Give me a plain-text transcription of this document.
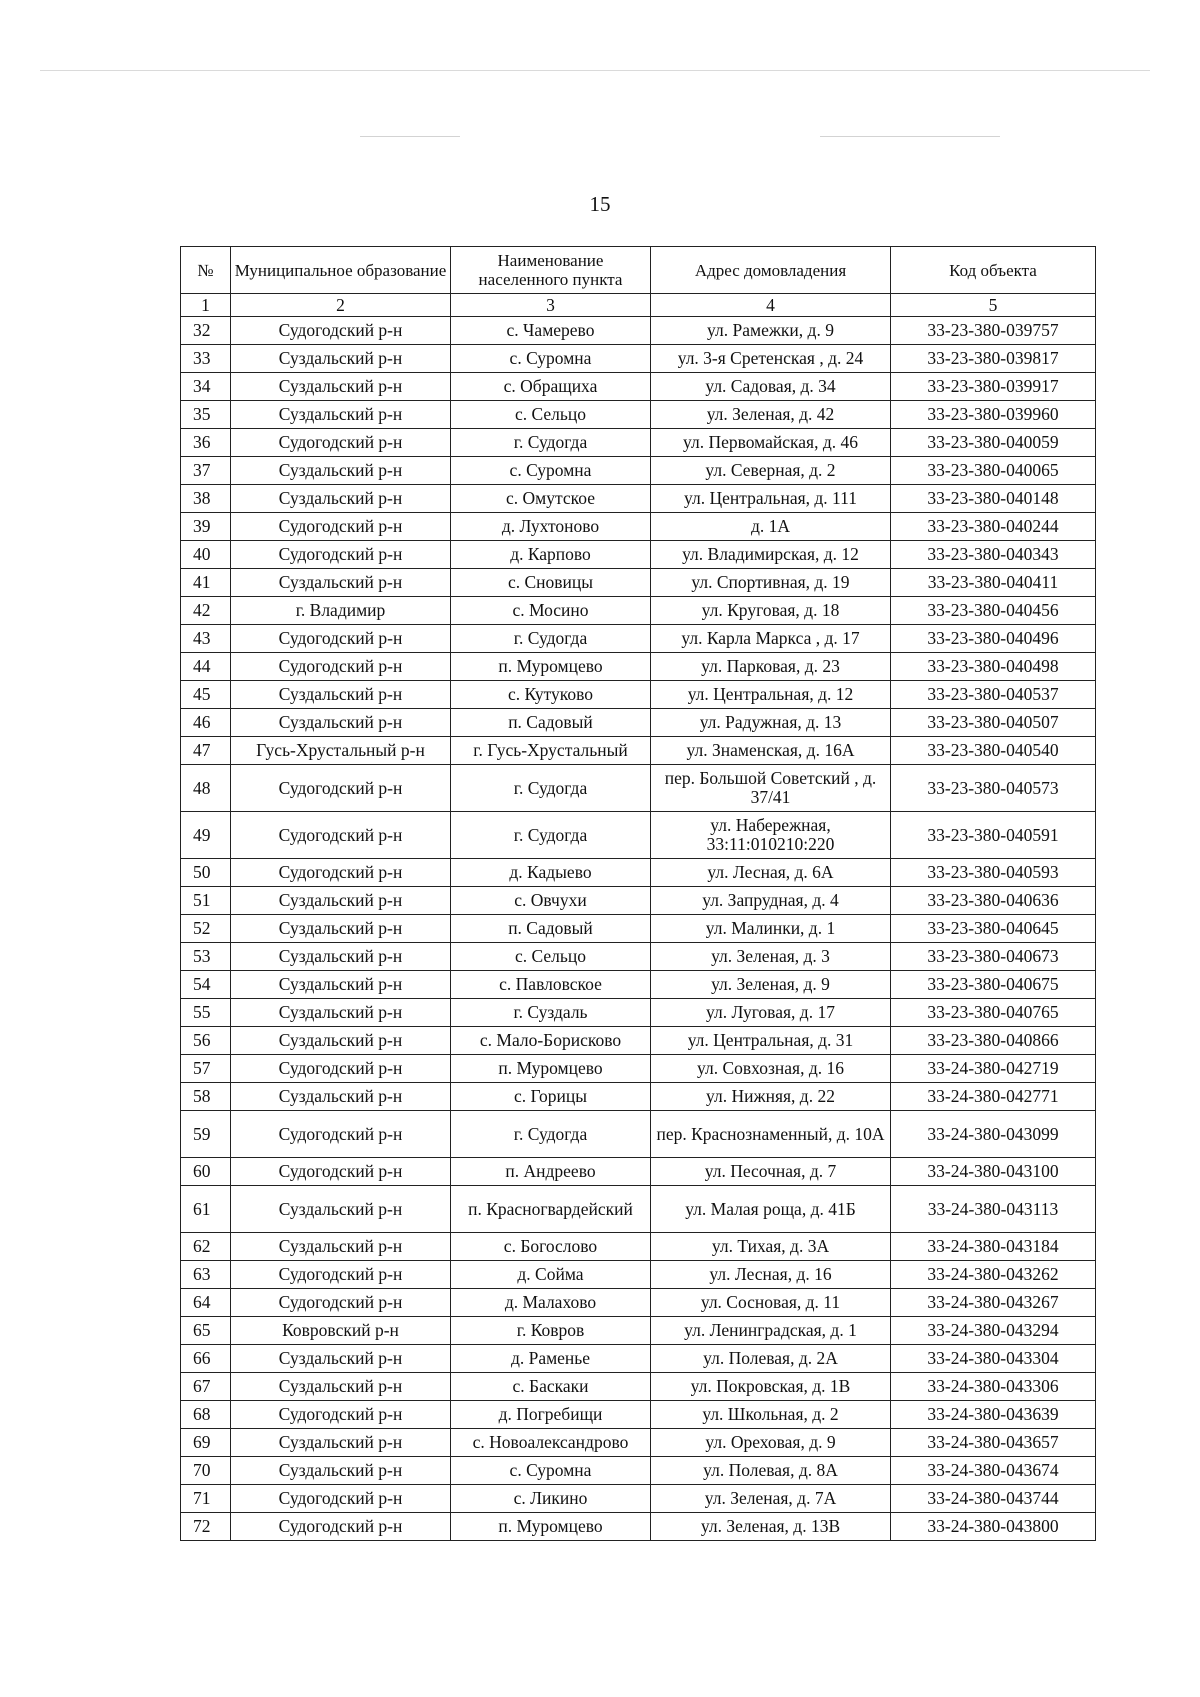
15
№	Муниципальное образование	Наименование населенного пункта	Адрес домовладения	Код объекта
1	2	3	4	5
32	Судогодский р-н	с. Чамерево	ул. Рамежки, д. 9	33-23-380-039757
33	Суздальский р-н	с. Суромна	ул. 3-я Сретенская , д. 24	33-23-380-039817
34	Суздальский р-н	с. Обращиха	ул. Садовая, д. 34	33-23-380-039917
35	Суздальский р-н	с. Сельцо	ул. Зеленая, д. 42	33-23-380-039960
36	Судогодский р-н	г. Судогда	ул. Первомайская, д. 46	33-23-380-040059
37	Суздальский р-н	с. Суромна	ул. Северная, д. 2	33-23-380-040065
38	Суздальский р-н	с. Омутское	ул. Центральная, д. 111	33-23-380-040148
39	Судогодский р-н	д. Лухтоново	д. 1А	33-23-380-040244
40	Судогодский р-н	д. Карпово	ул. Владимирская, д. 12	33-23-380-040343
41	Суздальский р-н	с. Сновицы	ул. Спортивная, д. 19	33-23-380-040411
42	г. Владимир	с. Мосино	ул. Круговая, д. 18	33-23-380-040456
43	Судогодский р-н	г. Судогда	ул. Карла Маркса , д. 17	33-23-380-040496
44	Судогодский р-н	п. Муромцево	ул. Парковая, д. 23	33-23-380-040498
45	Суздальский р-н	с. Кутуково	ул. Центральная, д. 12	33-23-380-040537
46	Суздальский р-н	п. Садовый	ул. Радужная, д. 13	33-23-380-040507
47	Гусь-Хрустальный р-н	г. Гусь-Хрустальный	ул. Знаменская, д. 16А	33-23-380-040540
48	Судогодский р-н	г. Судогда	пер. Большой Советский , д. 37/41	33-23-380-040573
49	Судогодский р-н	г. Судогда	ул. Набережная, 33:11:010210:220	33-23-380-040591
50	Судогодский р-н	д. Кадыево	ул. Лесная, д. 6А	33-23-380-040593
51	Суздальский р-н	с. Овчухи	ул. Запрудная, д. 4	33-23-380-040636
52	Суздальский р-н	п. Садовый	ул. Малинки, д. 1	33-23-380-040645
53	Суздальский р-н	с. Сельцо	ул. Зеленая, д. 3	33-23-380-040673
54	Суздальский р-н	с. Павловское	ул. Зеленая, д. 9	33-23-380-040675
55	Суздальский р-н	г. Суздаль	ул. Луговая, д. 17	33-23-380-040765
56	Суздальский р-н	с. Мало-Борисково	ул. Центральная, д. 31	33-23-380-040866
57	Судогодский р-н	п. Муромцево	ул. Совхозная, д. 16	33-24-380-042719
58	Суздальский р-н	с. Горицы	ул. Нижняя, д. 22	33-24-380-042771
59	Судогодский р-н	г. Судогда	пер. Краснознаменный, д. 10А	33-24-380-043099
60	Судогодский р-н	п. Андреево	ул. Песочная, д. 7	33-24-380-043100
61	Суздальский р-н	п. Красногвардейский	ул. Малая роща, д. 41Б	33-24-380-043113
62	Суздальский р-н	с. Богослово	ул. Тихая, д. 3А	33-24-380-043184
63	Судогодский р-н	д. Сойма	ул. Лесная, д. 16	33-24-380-043262
64	Судогодский р-н	д. Малахово	ул. Сосновая, д. 11	33-24-380-043267
65	Ковровский р-н	г. Ковров	ул. Ленинградская, д. 1	33-24-380-043294
66	Суздальский р-н	д. Раменье	ул. Полевая, д. 2А	33-24-380-043304
67	Суздальский р-н	с. Баскаки	ул. Покровская, д. 1В	33-24-380-043306
68	Судогодский р-н	д. Погребищи	ул. Школьная, д. 2	33-24-380-043639
69	Суздальский р-н	с. Новоалександрово	ул. Ореховая, д. 9	33-24-380-043657
70	Суздальский р-н	с. Суромна	ул. Полевая, д. 8А	33-24-380-043674
71	Судогодский р-н	с. Ликино	ул. Зеленая, д. 7А	33-24-380-043744
72	Судогодский р-н	п. Муромцево	ул. Зеленая, д. 13В	33-24-380-043800
